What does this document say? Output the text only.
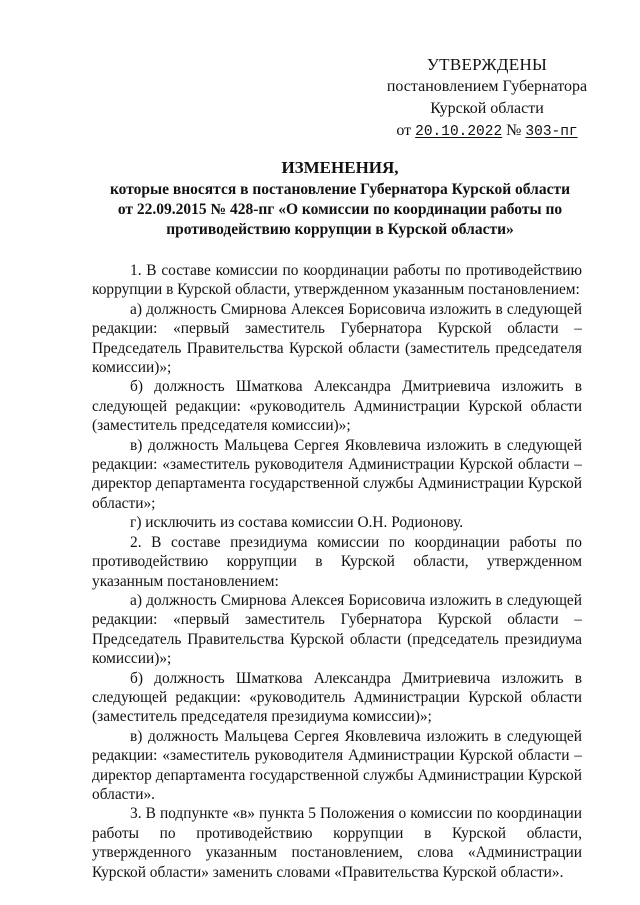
УТВЕРЖДЕНЫ
постановлением Губернатора
Курской области
от 20.10.2022 № 303-пг
ИЗМЕНЕНИЯ,
которые вносятся в постановление Губернатора Курской области
от 22.09.2015 № 428-пг «О комиссии по координации работы по
противодействию коррупции в Курской области»

1. В составе комиссии по координации работы по противодействию коррупции в Курской области, утвержденном указанным постановлением:

а) должность Смирнова Алексея Борисовича изложить в следующей редакции: «первый заместитель Губернатора Курской области – Председатель Правительства Курской области (заместитель председателя комиссии)»;

б) должность Шматкова Александра Дмитриевича изложить в следующей редакции: «руководитель Администрации Курской области (заместитель председателя комиссии)»;

в) должность Мальцева Сергея Яковлевича изложить в следующей редакции: «заместитель руководителя Администрации Курской области – директор департамента государственной службы Администрации Курской области»;

г) исключить из состава комиссии О.Н. Родионову.

2. В составе президиума комиссии по координации работы по противодействию коррупции в Курской области, утвержденном указанным постановлением:

а) должность Смирнова Алексея Борисовича изложить в следующей редакции: «первый заместитель Губернатора Курской области – Председатель Правительства Курской области (председатель президиума комиссии)»;

б) должность Шматкова Александра Дмитриевича изложить в следующей редакции: «руководитель Администрации Курской области (заместитель председателя президиума комиссии)»;

в) должность Мальцева Сергея Яковлевича изложить в следующей редакции: «заместитель руководителя Администрации Курской области – директор департамента государственной службы Администрации Курской области».

3. В подпункте «в» пункта 5 Положения о комиссии по координации работы по противодействию коррупции в Курской области, утвержденного указанным постановлением, слова «Администрации Курской области» заменить словами «Правительства Курской области».
